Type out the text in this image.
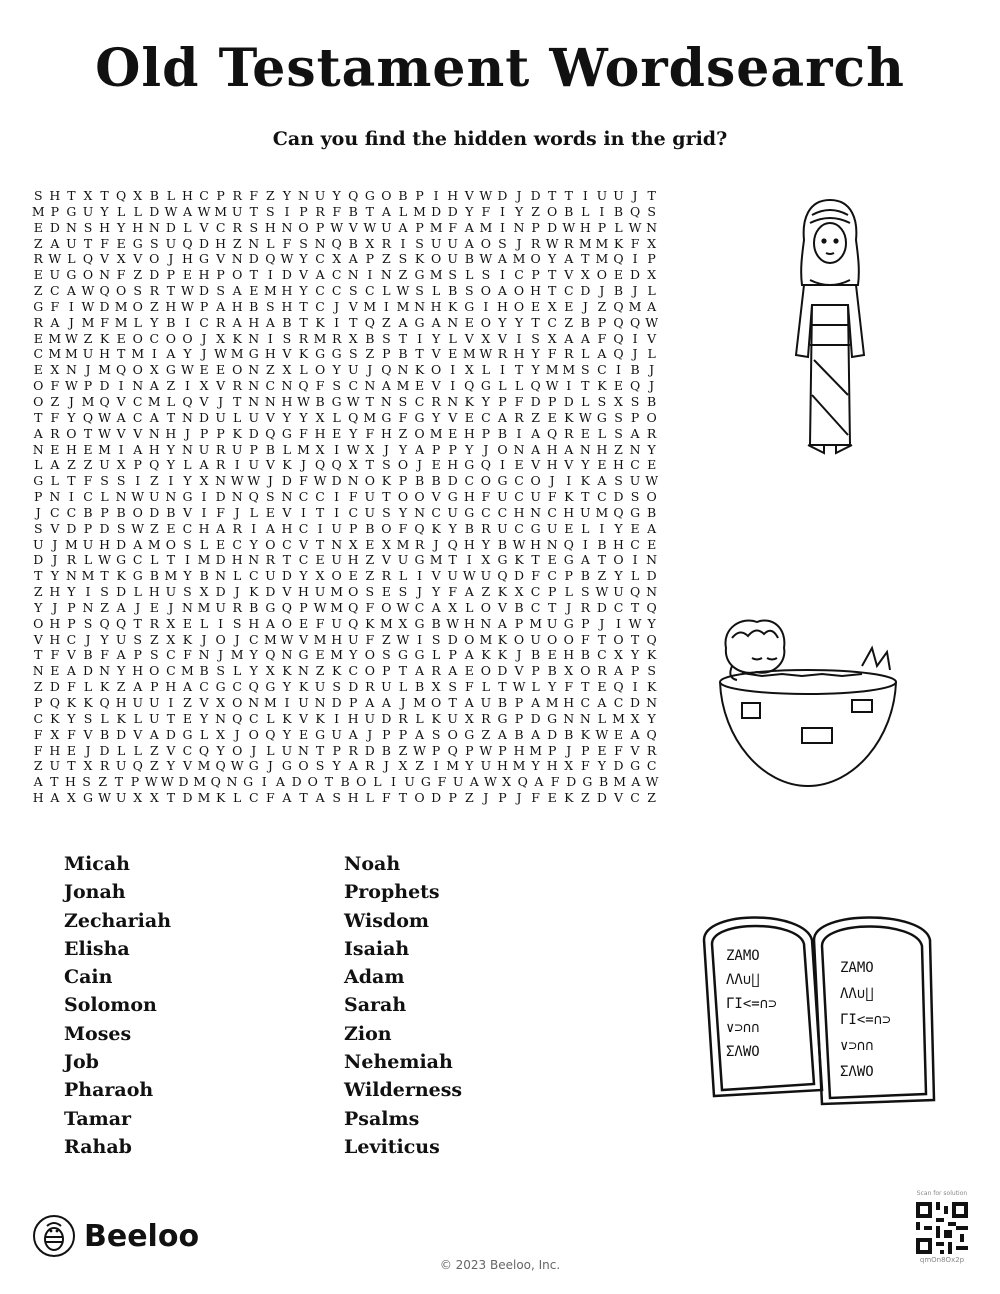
Old Testament Wordsearch
Can you find the hidden words in the grid?
S H T X T Q X B L H C P R F Z Y N U Y Q G O B P I H V W D J D T T I U U J T
M P G U Y L L D W A W M U T S I P R F B T A L M D D Y F I Y Z O B L I B Q S
E D N S H Y H N D L V C R S H N O P W V W U A P M F A M I N P D W H P L W N
Z A U T F E G S U Q D H Z N L F S N Q B X R I S U U A O S J R W R M M K F X
R W L Q V X V O J H G V N D Q W Y C X A P Z S K O U B W A M O Y A T M Q I P
E U G O N F Z D P E H P O T I D V A C N I N Z G M S L S I C P T V X O E D X
Z C A W Q O S R T W D S A E M H Y C C S C L W S L B S O A O H T C D J B J L
G F I W D M O Z H W P A H B S H T C J V M I M N H K G I H O E X E J Z Q M A
R A J M F M L Y B I C R A H A B T K I T Q Z A G A N E O Y Y T C Z B P Q Q W
E M W Z K E O C O O J X K N I S R M R X B S T I Y L V X V I S X A A F Q I V
C M M U H T M I A Y J W M G H V K G G S Z P B T V E M W R H Y F R L A Q J L
E X N J M Q O X G W E E O N Z X L O Y U J Q N K O I X L I T Y M M S C I B J
O F W P D I N A Z I X V R N C N Q F S C N A M E V I Q G L L Q W I T K E Q J
O Z J M Q V C M L Q V J T N N H W B G W T N S C R N K Y P F D P D L S X S B
T F Y Q W A C A T N D U L U V Y Y X L Q M G F G Y V E C A R Z E K W G S P O
A R O T W V V N H J P P K D Q G F H E Y F H Z O M E H P B I A Q R E L S A R
N E H E M I A H Y N U R U P B L M X I W X J Y A P P Y J O N A H A N H Z N Y
L A Z Z U X P Q Y L A R I U V K J Q Q X T S O J E H G Q I E V H V Y E H C E
G L T F S S I Z I Y X N W W J D F W D N O K P B B D C O G C O J I K A S U W
P N I C L N W U N G I D N Q S N C C I F U T O O V G H F U C U F K T C D S O
J C C B P B O D B V I F J L E V I T I C U S Y N C U G C C H N C H U M Q G B
S V D P D S W Z E C H A R I A H C I U P B O F Q K Y B R U C G U E L I Y E A
U J M U H D A M O S L E C Y O C V T N X E X M R J Q H Y B W H N Q I B H C E
D J R L W G C L T I M D H N R T C E U H Z V U G M T I X G K T E G A T O I N
T Y N M T K G B M Y B N L C U D Y X O E Z R L I V U W U Q D F C P B Z Y L D
Z H Y I S D L H U S X D J K D V H U M O S E S J Y F A Z K X C P L S W U Q N
Y J P N Z A J E J N M U R B G Q P W M Q F O W C A X L O V B C T J R D C T Q
O H P S Q Q T R X E L I S H A O E F U Q K M X G B W H N A P M U G P J I W Y
V H C J Y U S Z X K J O J C M W V M H U F Z W I S D O M K O U O O F T O T Q
T F V B F A P S C F N J M Y Q N G E M Y O S G G L P A K K J B E H B C X Y K
N E A D N Y H O C M B S L Y X K N Z K C O P T A R A E O D V P B X O R A P S
Z D F L K Z A P H A C G C Q G Y K U S D R U L B X S F L T W L Y F T E Q I K
P Q K K Q H U U I Z V X O N M I U N D P A A J M O T A U B P A M H C A C D N
C K Y S L K L U T E Y N Q C L K V K I H U D R L K U X R G P D G N N L M X Y
F X F V B D V A D G L X J O Q Y E G U A J P P A S O G Z A B A D B K W E A Q
F H E J D L L Z V C Q Y O J L U N T P R D B Z W P Q P W P H M P J P E F V R
Z U T X R U Q Z Y V M Q W G J G O S Y A R J X Z I M Y U H M Y H X F Y D G C
A T H S Z T P W W D M Q N G I A D O T B O L I U G F U A W X Q A F D G B M A W
H A X G W U X X T D M K L C F A T A S H L F T O D P Z J P J F E K Z D V C Z
Micah
Jonah
Zechariah
Elisha
Cain
Solomon
Moses
Job
Pharaoh
Tamar
Rahab
Noah
Prophets
Wisdom
Isaiah
Adam
Sarah
Zion
Nehemiah
Wilderness
Psalms
Leviticus
ZAMO
ΛΛ∪∐
ΓΙ<=∩⊃
∨⊃∩∩
ΣΛWO
ZAMO
ΛΛ∪∐
ΓΙ<=∩⊃
∨⊃∩∩
ΣΛWO
Beeloo
© 2023 Beeloo, Inc.
Scan for solution
qmOn8Ox2p
